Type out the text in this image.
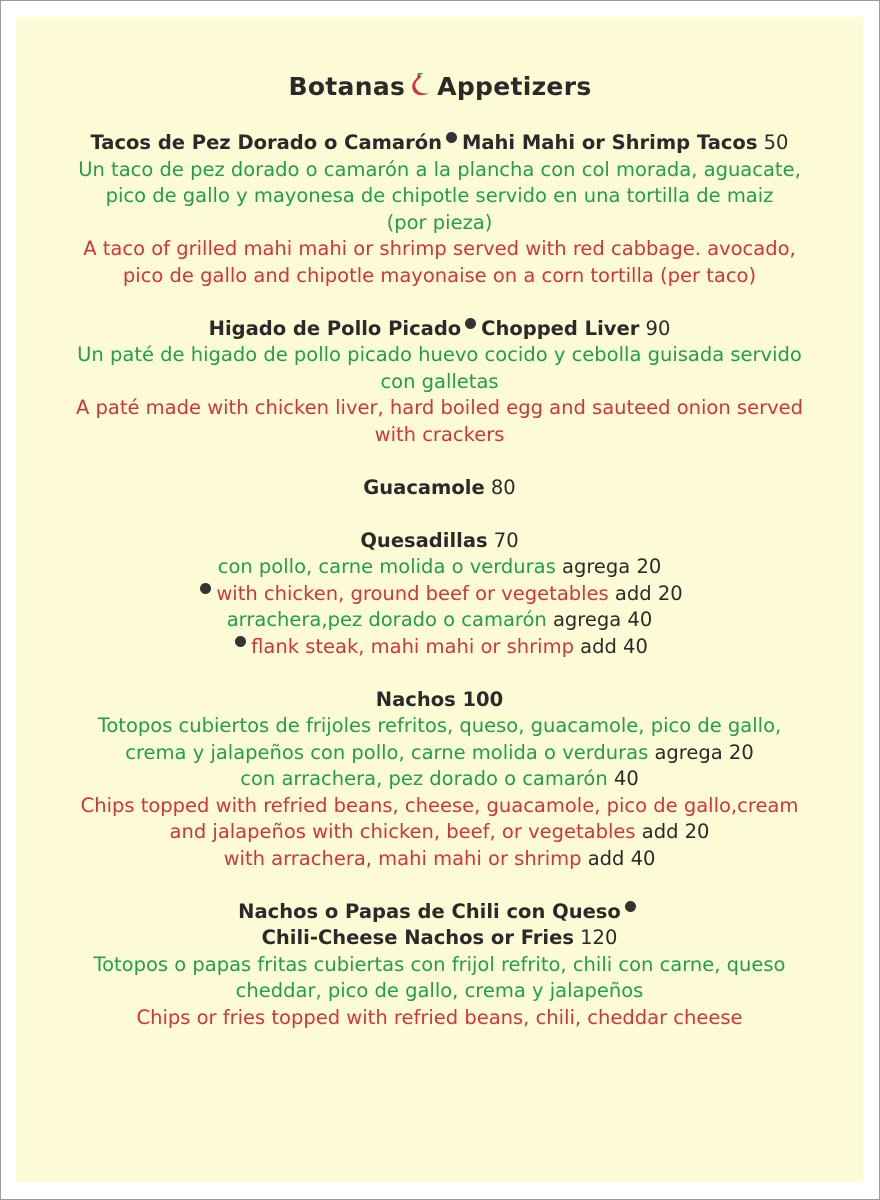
Botanas Appetizers
Tacos de Pez Dorado o Camarón Mahi Mahi or Shrimp Tacos 50
Un taco de pez dorado o camarón a la plancha con col morada, aguacate,
pico de gallo y mayonesa de chipotle servido en una tortilla de maiz
(por pieza)
A taco of grilled mahi mahi or shrimp served with red cabbage. avocado,
pico de gallo and chipotle mayonaise on a corn tortilla (per taco)
Higado de Pollo Picado Chopped Liver 90
Un paté de higado de pollo picado huevo cocido y cebolla guisada servido
con galletas
A paté made with chicken liver, hard boiled egg and sauteed onion served
with crackers
Guacamole 80
Quesadillas 70
con pollo, carne molida o verduras agrega 20
with chicken, ground beef or vegetables add 20
arrachera,pez dorado o camarón agrega 40
flank steak, mahi mahi or shrimp add 40
Nachos 100
Totopos cubiertos de frijoles refritos, queso, guacamole, pico de gallo,
crema y jalapeños con pollo, carne molida o verduras agrega 20
con arrachera, pez dorado o camarón 40
Chips topped with refried beans, cheese, guacamole, pico de gallo,cream
and jalapeños with chicken, beef, or vegetables add 20
with arrachera, mahi mahi or shrimp add 40
Nachos o Papas de Chili con Queso
Chili-Cheese Nachos or Fries 120
Totopos o papas fritas cubiertas con frijol refrito, chili con carne, queso
cheddar, pico de gallo, crema y jalapeños
Chips or fries topped with refried beans, chili, cheddar cheese
